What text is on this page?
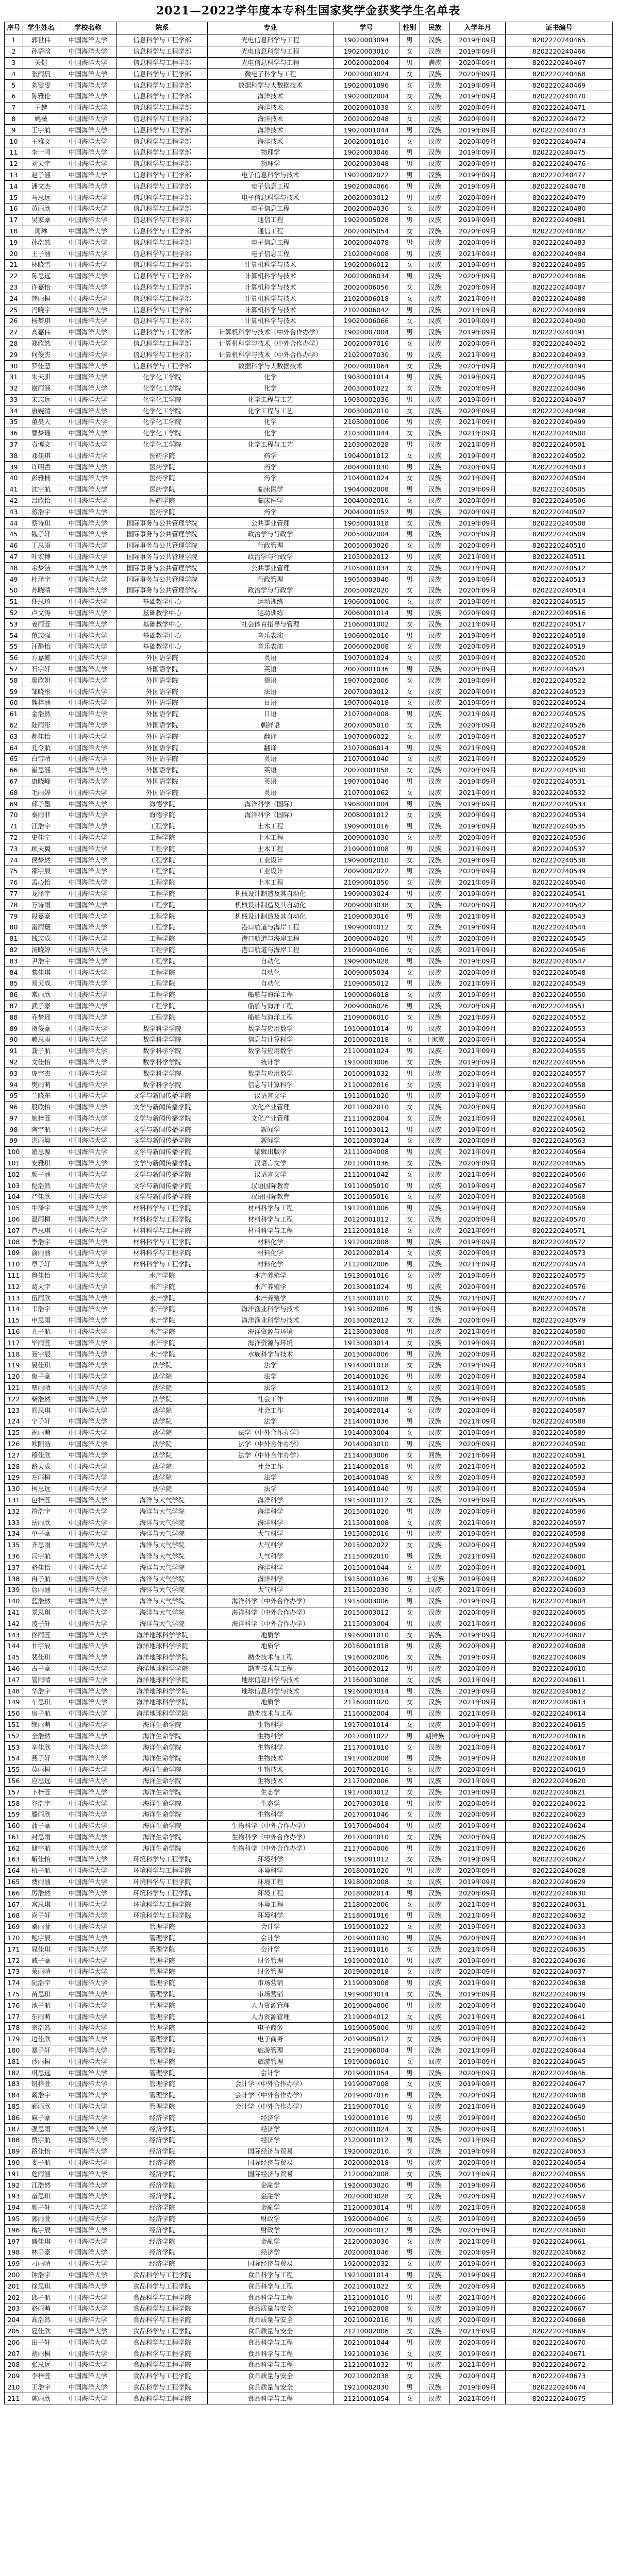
2021—2022学年度本专科生国家奖学金获奖学生名单表
序号	学生姓名	学校名称	院系	专业	学号	性别	民族	入学年月	证书编号
1	郭世伟	中国海洋大学	信息科学与工程学部	光电信息科学与工程	19020003094	男	汉族	2019年09月	8202220240465
2	孙语晗	中国海洋大学	信息科学与工程学部	光电信息科学与工程	19020003010	女	汉族	2019年09月	8202220240466
3	关恺	中国海洋大学	信息科学与工程学部	光电信息科学与工程	20020002004	男	满族	2020年09月	8202220240467
4	张雨晨	中国海洋大学	信息科学与工程学部	微电子科学与工程	20020003024	女	汉族	2020年09月	8202220240468
5	刘雯雯	中国海洋大学	信息科学与工程学部	数据科学与大数据技术	19020001096	女	汉族	2019年09月	8202220240469
6	陈雅伦	中国海洋大学	信息科学与工程学部	海洋技术	19020002004	女	汉族	2019年09月	8202220240470
7	王越	中国海洋大学	信息科学与工程学部	海洋技术	20020001038	女	汉族	2020年09月	8202220240471
8	姚薇	中国海洋大学	信息科学与工程学部	海洋技术	20020002048	女	汉族	2020年09月	8202220240472
9	王宇航	中国海洋大学	信息科学与工程学部	海洋技术	19020001044	男	汉族	2019年09月	8202220240473
10	王雅文	中国海洋大学	信息科学与工程学部	海洋技术	20020001010	女	汉族	2020年09月	8202220240474
11	李一鸣	中国海洋大学	信息科学与工程学部	物理学	19020003046	男	汉族	2019年09月	8202220240475
12	刘天宇	中国海洋大学	信息科学与工程学部	物理学	20020003048	男	汉族	2020年09月	8202220240476
13	赵子涵	中国海洋大学	信息科学与工程学部	电子信息科学与技术	19020002022	男	汉族	2019年09月	8202220240477
14	潘文杰	中国海洋大学	信息科学与工程学部	电子信息工程	19020004066	男	汉族	2019年09月	8202220240478
15	马思远	中国海洋大学	信息科学与工程学部	电子信息科学与技术	20020003012	男	汉族	2020年09月	8202220240479
16	黄雨欣	中国海洋大学	信息科学与工程学部	电子信息工程	20020004036	女	汉族	2020年09月	8202220240480
17	吴家豪	中国海洋大学	信息科学与工程学部	通信工程	19020005028	男	汉族	2019年09月	8202220240481
18	周琳	中国海洋大学	信息科学与工程学部	通信工程	20020005054	女	汉族	2020年09月	8202220240482
19	孙浩然	中国海洋大学	信息科学与工程学部	电子信息工程	20020004078	男	汉族	2020年09月	8202220240483
20	王子涵	中国海洋大学	信息科学与工程学部	电子信息工程	21020004008	男	汉族	2021年09月	8202220240484
21	林晓雪	中国海洋大学	信息科学与工程学部	计算机科学与技术	19020006012	女	汉族	2019年09月	8202220240485
22	陈思远	中国海洋大学	信息科学与工程学部	计算机科学与技术	20020006034	男	汉族	2020年09月	8202220240486
23	许嘉怡	中国海洋大学	信息科学与工程学部	计算机科学与技术	20020006056	女	汉族	2020年09月	8202220240487
24	韩雨桐	中国海洋大学	信息科学与工程学部	计算机科学与技术	21020006018	女	汉族	2021年09月	8202220240488
25	冯晓宇	中国海洋大学	信息科学与工程学部	计算机科学与技术	21020006042	男	汉族	2021年09月	8202220240489
26	杨梦琪	中国海洋大学	信息科学与工程学部	计算机科学与技术	19020006066	女	汉族	2019年09月	8202220240490
27	高嘉伟	中国海洋大学	信息科学与工程学部	计算机科学与技术（中外合作办学）	19020007004	男	汉族	2019年09月	8202220240491
28	郑欣然	中国海洋大学	信息科学与工程学部	计算机科学与技术（中外合作办学）	20020007016	女	汉族	2020年09月	8202220240492
29	何俊杰	中国海洋大学	信息科学与工程学部	计算机科学与技术（中外合作办学）	21020007030	男	汉族	2021年09月	8202220240493
30	罗佳慧	中国海洋大学	信息科学与工程学部	数据科学与大数据技术	20020001064	女	汉族	2020年09月	8202220240494
31	朱天骐	中国海洋大学	化学化工学院	化学	19030001014	男	汉族	2019年09月	8202220240495
32	谢雨涵	中国海洋大学	化学化工学院	化学	20030001022	女	汉族	2020年09月	8202220240496
33	宋志远	中国海洋大学	化学化工学院	化学工程与工艺	19030002036	男	汉族	2019年09月	8202220240497
34	唐婉清	中国海洋大学	化学化工学院	化学工程与工艺	20030002010	女	汉族	2020年09月	8202220240498
35	董昊天	中国海洋大学	化学化工学院	化学	21030001006	男	汉族	2021年09月	8202220240499
36	曹梦瑶	中国海洋大学	化学化工学院	化学	21030001044	女	汉族	2021年09月	8202220240500
37	袁博文	中国海洋大学	化学化工学院	化学工程与工艺	21030002028	男	汉族	2021年09月	8202220240501
38	邓佳琪	中国海洋大学	医药学院	药学	19040001012	女	汉族	2019年09月	8202220240502
39	许明哲	中国海洋大学	医药学院	药学	20040001030	男	汉族	2020年09月	8202220240503
40	彭雅楠	中国海洋大学	医药学院	药学	21040001024	女	汉族	2021年09月	8202220240504
41	沈宇航	中国海洋大学	医药学院	临床医学	19040002008	男	汉族	2019年09月	8202220240505
42	吕欣怡	中国海洋大学	医药学院	临床医学	20040002016	女	汉族	2020年09月	8202220240506
43	蒋浩宇	中国海洋大学	医药学院	药学	20040001052	男	汉族	2020年09月	8202220240507
44	蔡诗琪	中国海洋大学	国际事务与公共管理学院	公共事业管理	19050001018	女	汉族	2019年09月	8202220240508
45	魏子轩	中国海洋大学	国际事务与公共管理学院	政治学与行政学	20050002004	男	汉族	2020年09月	8202220240509
46	丁思雨	中国海洋大学	国际事务与公共管理学院	行政管理	20050003026	女	汉族	2020年09月	8202220240510
47	叶宏博	中国海洋大学	国际事务与公共管理学院	政治学与行政学	21050002012	男	汉族	2021年09月	8202220240511
48	余梦洁	中国海洋大学	国际事务与公共管理学院	公共事业管理	21050001034	女	汉族	2021年09月	8202220240512
49	杜泽宇	中国海洋大学	国际事务与公共管理学院	行政管理	19050003040	男	汉族	2019年09月	8202220240513
50	苏晓晴	中国海洋大学	国际事务与公共管理学院	政治学与行政学	20050002020	女	汉族	2020年09月	8202220240514
51	任思琦	中国海洋大学	基础教学中心	运动训练	19060001006	女	汉族	2019年09月	8202220240515
52	卢文涛	中国海洋大学	基础教学中心	运动训练	20060001014	男	汉族	2020年09月	8202220240516
53	姜雨萱	中国海洋大学	基础教学中心	社会体育指导与管理	21060001002	女	汉族	2021年09月	8202220240517
54	范志强	中国海洋大学	基础教学中心	音乐表演	19060002010	男	汉族	2019年09月	8202220240518
55	汪静怡	中国海洋大学	基础教学中心	音乐表演	20060002008	女	汉族	2020年09月	8202220240519
56	方嘉懿	中国海洋大学	外国语学院	英语	19070001024	女	汉族	2019年09月	8202220240520
57	石宇轩	中国海洋大学	外国语学院	英语	20070001036	男	汉族	2020年09月	8202220240521
58	廖欣妍	中国海洋大学	外国语学院	德语	19070002006	女	汉族	2019年09月	8202220240522
59	邹晓彤	中国海洋大学	外国语学院	法语	20070003012	女	汉族	2020年09月	8202220240523
60	熊梓涵	中国海洋大学	外国语学院	日语	19070004018	女	汉族	2019年09月	8202220240524
61	金浩然	中国海洋大学	外国语学院	日语	21070004008	男	汉族	2021年09月	8202220240525
62	陆雨彤	中国海洋大学	外国语学院	朝鲜语	20070005010	女	汉族	2020年09月	8202220240526
63	郝佳怡	中国海洋大学	外国语学院	翻译	19070006022	女	汉族	2019年09月	8202220240527
64	孔令航	中国海洋大学	外国语学院	翻译	21070006014	男	汉族	2021年09月	8202220240528
65	白雪晴	中国海洋大学	外国语学院	英语	21070001040	女	汉族	2021年09月	8202220240529
66	崔思涵	中国海洋大学	外国语学院	英语	20070001058	女	汉族	2020年09月	8202220240530
67	康晓峰	中国海洋大学	外国语学院	英语	19070001046	男	汉族	2019年09月	8202220240531
68	毛雨婷	中国海洋大学	外国语学院	英语	21070001062	女	汉族	2021年09月	8202220240532
69	邱子墨	中国海洋大学	海德学院	海洋科学（国际）	19080001004	男	汉族	2019年09月	8202220240533
70	秦雨菲	中国海洋大学	海德学院	海洋科学（国际）	20080001012	女	汉族	2020年09月	8202220240534
71	江浩宇	中国海洋大学	工程学院	土木工程	19090001016	男	汉族	2019年09月	8202220240535
72	史佳宁	中国海洋大学	工程学院	土木工程	20090001030	女	汉族	2020年09月	8202220240536
73	顾天翼	中国海洋大学	工程学院	土木工程	21090001008	男	汉族	2021年09月	8202220240537
74	侯梦然	中国海洋大学	工程学院	工业设计	19090002010	女	汉族	2019年09月	8202220240538
75	邵宇辰	中国海洋大学	工程学院	工业设计	20090002022	男	汉族	2020年09月	8202220240539
76	孟心怡	中国海洋大学	工程学院	土木工程	21090001050	女	汉族	2021年09月	8202220240540
77	龙泽宇	中国海洋大学	工程学院	机械设计制造及其自动化	19090003024	男	汉族	2019年09月	8202220240541
78	万诗雨	中国海洋大学	工程学院	机械设计制造及其自动化	20090003038	女	汉族	2020年09月	8202220240542
79	段嘉豪	中国海洋大学	工程学院	机械设计制造及其自动化	21090003016	男	汉族	2021年09月	8202220240543
80	雷雨薇	中国海洋大学	工程学院	港口航道与海岸工程	19090004012	女	汉族	2019年09月	8202220240544
81	钱志成	中国海洋大学	工程学院	港口航道与海岸工程	20090004020	男	汉族	2020年09月	8202220240545
82	汤晓婷	中国海洋大学	工程学院	港口航道与海岸工程	21090004006	女	汉族	2021年09月	8202220240546
83	尹浩宇	中国海洋大学	工程学院	自动化	19090005028	男	汉族	2019年09月	8202220240547
84	黎佳琪	中国海洋大学	工程学院	自动化	20090005034	女	汉族	2020年09月	8202220240548
85	易天成	中国海洋大学	工程学院	自动化	21090005012	男	汉族	2021年09月	8202220240549
86	常雨欣	中国海洋大学	工程学院	船舶与海洋工程	19090006018	女	汉族	2019年09月	8202220240550
87	武子豪	中国海洋大学	工程学院	船舶与海洋工程	20090006026	男	汉族	2020年09月	8202220240551
88	乔梦瑶	中国海洋大学	工程学院	船舶与海洋工程	21090006010	女	汉族	2021年09月	8202220240552
89	贺俊豪	中国海洋大学	数学科学学院	数学与应用数学	19100001014	男	汉族	2019年09月	8202220240553
90	赖思雨	中国海洋大学	数学科学学院	信息与计算科学	20100002018	女	土家族	2020年09月	8202220240554
91	龚子航	中国海洋大学	数学科学学院	数学与应用数学	21100001024	男	汉族	2021年09月	8202220240555
92	文佳怡	中国海洋大学	数学科学学院	统计学	19100003006	女	汉族	2019年09月	8202220240556
93	庞宇杰	中国海洋大学	数学科学学院	数学与应用数学	20100001032	男	汉族	2020年09月	8202220240557
94	樊雨萌	中国海洋大学	数学科学学院	信息与计算科学	21100002016	女	汉族	2021年09月	8202220240558
95	兰晓东	中国海洋大学	文学与新闻传播学院	汉语言文学	19110001020	男	汉族	2019年09月	8202220240559
96	殷欣怡	中国海洋大学	文学与新闻传播学院	文化产业管理	20110002010	女	汉族	2020年09月	8202220240560
97	施梓萱	中国海洋大学	文学与新闻传播学院	文化产业管理	21110002004	女	汉族	2021年09月	8202220240561
98	陶宇航	中国海洋大学	文学与新闻传播学院	新闻学	19110003012	男	汉族	2019年09月	8202220240562
99	洪雨晨	中国海洋大学	文学与新闻传播学院	新闻学	20110003024	女	汉族	2020年09月	8202220240563
100	翟思源	中国海洋大学	文学与新闻传播学院	编辑出版学	21110004008	男	汉族	2021年09月	8202220240564
101	安雅琪	中国海洋大学	文学与新闻传播学院	汉语言文学	20110001036	女	汉族	2020年09月	8202220240565
102	颜子涵	中国海洋大学	文学与新闻传播学院	汉语言文学	21110001042	女	汉族	2021年09月	8202220240566
103	倪浩然	中国海洋大学	文学与新闻传播学院	汉语国际教育	19110005010	男	汉族	2019年09月	8202220240567
104	严佳欣	中国海洋大学	文学与新闻传播学院	汉语国际教育	20110005016	女	汉族	2020年09月	8202220240568
105	牛泽宇	中国海洋大学	材料科学与工程学院	材料科学与工程	19120001006	男	汉族	2019年09月	8202220240569
106	温雨桐	中国海洋大学	材料科学与工程学院	材料科学与工程	20120001012	女	汉族	2020年09月	8202220240570
107	芦思琪	中国海洋大学	材料科学与工程学院	材料科学与工程	21120001018	女	汉族	2021年09月	8202220240571
108	季浩宇	中国海洋大学	材料科学与工程学院	材料化学	19120002008	男	汉族	2019年09月	8202220240572
109	俞雨涵	中国海洋大学	材料科学与工程学院	材料化学	20120002014	女	汉族	2020年09月	8202220240573
110	章子轩	中国海洋大学	材料科学与工程学院	材料化学	21120002006	男	汉族	2021年09月	8202220240574
111	鲁佳怡	中国海洋大学	水产学院	水产养殖学	19130001016	女	汉族	2019年09月	8202220240575
112	葛天宇	中国海洋大学	水产学院	水产养殖学	20130001024	男	汉族	2020年09月	8202220240576
113	伍雨欣	中国海洋大学	水产学院	水产养殖学	21130001010	女	汉族	2021年09月	8202220240577
114	韦浩宇	中国海洋大学	水产学院	海洋渔业科学与技术	19130002006	男	壮族	2019年09月	8202220240578
115	申思雨	中国海洋大学	水产学院	海洋渔业科学与技术	20130002012	女	汉族	2020年09月	8202220240579
116	尤子航	中国海洋大学	水产学院	海洋资源与环境	21130003008	男	汉族	2021年09月	8202220240580
117	毕雨萱	中国海洋大学	水产学院	海洋资源与环境	19130003014	女	汉族	2019年09月	8202220240581
118	聂宇辰	中国海洋大学	水产学院	水族科学与技术	20130004006	男	汉族	2020年09月	8202220240582
119	晏佳琪	中国海洋大学	法学院	法学	19140001018	女	汉族	2019年09月	8202220240583
120	焦子豪	中国海洋大学	法学院	法学	20140001026	男	汉族	2020年09月	8202220240584
121	覃雨晴	中国海洋大学	法学院	法学	21140001012	女	汉族	2021年09月	8202220240585
122	柴浩然	中国海洋大学	法学院	社会工作	19140002008	男	汉族	2019年09月	8202220240586
123	阎思琪	中国海洋大学	法学院	社会工作	20140002014	女	汉族	2020年09月	8202220240587
124	宁子轩	中国海洋大学	法学院	法学	21140001036	男	汉族	2021年09月	8202220240588
125	祝雨萌	中国海洋大学	法学院	法学（中外合作办学）	19140003004	女	汉族	2019年09月	8202220240589
126	欧阳浩	中国海洋大学	法学院	法学（中外合作办学）	20140003010	男	汉族	2020年09月	8202220240590
127	穆佳欣	中国海洋大学	法学院	法学（中外合作办学）	21140003006	女	回族	2021年09月	8202220240591
128	路天成	中国海洋大学	法学院	社会工作	21140002018	男	汉族	2021年09月	8202220240592
129	左雨桐	中国海洋大学	法学院	法学	20140001048	女	汉族	2020年09月	8202220240593
130	柯思远	中国海洋大学	法学院	法学	19140001040	男	汉族	2019年09月	8202220240594
131	包梓萱	中国海洋大学	海洋与大气学院	海洋科学	19150001012	女	汉族	2019年09月	8202220240595
132	符浩宇	中国海洋大学	海洋与大气学院	海洋科学	20150001020	男	汉族	2020年09月	8202220240596
133	岳雨欣	中国海洋大学	海洋与大气学院	海洋科学	21150001008	女	汉族	2021年09月	8202220240597
134	单子豪	中国海洋大学	海洋与大气学院	大气科学	19150002016	男	汉族	2019年09月	8202220240598
135	齐思雨	中国海洋大学	海洋与大气学院	大气科学	20150002022	女	汉族	2020年09月	8202220240599
136	闫宇航	中国海洋大学	海洋与大气学院	大气科学	21150002010	男	汉族	2021年09月	8202220240600
137	骆佳怡	中国海洋大学	海洋与大气学院	海洋科学	20150001044	女	汉族	2020年09月	8202220240601
138	冉子航	中国海洋大学	海洋与大气学院	海洋科学	19150001036	男	土家族	2019年09月	8202220240602
139	詹雨涵	中国海洋大学	海洋与大气学院	大气科学	21150002030	女	汉族	2021年09月	8202220240603
140	蓝浩然	中国海洋大学	海洋与大气学院	海洋科学（中外合作办学）	19150003006	男	汉族	2019年09月	8202220240604
141	景思琪	中国海洋大学	海洋与大气学院	海洋科学（中外合作办学）	20150003012	女	汉族	2020年09月	8202220240605
142	凌子轩	中国海洋大学	海洋与大气学院	海洋科学（中外合作办学）	21150003004	男	汉族	2021年09月	8202220240606
143	佟雨萱	中国海洋大学	海洋地球科学学院	地质学	19160001010	女	满族	2019年09月	8202220240607
144	甘宇辰	中国海洋大学	海洋地球科学学院	地质学	20160001018	男	汉族	2020年09月	8202220240608
145	裴佳琪	中国海洋大学	海洋地球科学学院	勘查技术与工程	19160002006	女	汉族	2019年09月	8202220240609
146	古子豪	中国海洋大学	海洋地球科学学院	勘查技术与工程	20160002012	男	汉族	2020年09月	8202220240610
147	管雨晴	中国海洋大学	海洋地球科学学院	地球信息科学与技术	21160003008	女	汉族	2021年09月	8202220240611
148	华浩宇	中国海洋大学	海洋地球科学学院	地球信息科学与技术	19160003014	男	汉族	2019年09月	8202220240612
149	车思琪	中国海洋大学	海洋地球科学学院	地质学	21160001020	女	汉族	2021年09月	8202220240613
150	房子航	中国海洋大学	海洋地球科学学院	勘查技术与工程	21160002004	男	汉族	2021年09月	8202220240614
151	缪雨萌	中国海洋大学	海洋生命学院	生物科学	19170001014	女	汉族	2019年09月	8202220240615
152	全浩然	中国海洋大学	海洋生命学院	生物科学	20170001022	男	朝鲜族	2020年09月	8202220240616
153	辛佳欣	中国海洋大学	海洋生命学院	生物科学	21170001010	女	汉族	2021年09月	8202220240617
154	燕子轩	中国海洋大学	海洋生命学院	生物技术	19170002008	男	汉族	2019年09月	8202220240618
155	莫雨桐	中国海洋大学	海洋生命学院	生物技术	20170002016	女	汉族	2020年09月	8202220240619
156	应思远	中国海洋大学	海洋生命学院	生物技术	21170002006	男	汉族	2021年09月	8202220240620
157	卜梓萱	中国海洋大学	海洋生命学院	生态学	19170003012	女	汉族	2019年09月	8202220240621
158	谷浩宇	中国海洋大学	海洋生命学院	生态学	20170003018	男	汉族	2020年09月	8202220240622
159	滕雨欣	中国海洋大学	海洋生命学院	生物科学	20170001046	女	汉族	2020年09月	8202220240623
160	蒲子豪	中国海洋大学	海洋生命学院	生物科学（中外合作办学）	19170004004	男	汉族	2019年09月	8202220240624
161	封思雨	中国海洋大学	海洋生命学院	生物科学（中外合作办学）	20170004010	女	汉族	2020年09月	8202220240625
162	储宇航	中国海洋大学	海洋生命学院	生物科学（中外合作办学）	21170004006	男	汉族	2021年09月	8202220240626
163	靳佳怡	中国海洋大学	环境科学与工程学院	环境科学	19180001012	女	汉族	2019年09月	8202220240627
164	杭子航	中国海洋大学	环境科学与工程学院	环境科学	20180001020	男	汉族	2020年09月	8202220240628
165	费雨涵	中国海洋大学	环境科学与工程学院	环境工程	19180002008	女	汉族	2019年09月	8202220240629
166	厉浩然	中国海洋大学	环境科学与工程学院	环境工程	20180002014	男	汉族	2020年09月	8202220240630
167	宫思琪	中国海洋大学	环境科学与工程学院	环境工程	21180002006	女	汉族	2021年09月	8202220240631
168	尚子轩	中国海洋大学	环境科学与工程学院	环境科学	21180001016	男	汉族	2021年09月	8202220240632
169	桑雨萱	中国海洋大学	管理学院	会计学	19190001022	女	汉族	2019年09月	8202220240633
170	鲍宇辰	中国海洋大学	管理学院	会计学	20190001030	男	汉族	2020年09月	8202220240634
171	晁佳琪	中国海洋大学	管理学院	会计学	21190001016	女	汉族	2021年09月	8202220240635
172	戚子豪	中国海洋大学	管理学院	财务管理	19190002010	男	汉族	2019年09月	8202220240636
173	荣雨晴	中国海洋大学	管理学院	财务管理	20190002018	女	汉族	2020年09月	8202220240637
174	阮浩宇	中国海洋大学	管理学院	市场营销	21190003008	男	汉族	2021年09月	8202220240638
175	苗思琪	中国海洋大学	管理学院	市场营销	19190003014	女	汉族	2019年09月	8202220240639
176	池子航	中国海洋大学	管理学院	人力资源管理	20190004006	男	汉族	2020年09月	8202220240640
177	东雨萌	中国海洋大学	管理学院	人力资源管理	21190004012	女	汉族	2021年09月	8202220240641
178	宗浩然	中国海洋大学	管理学院	电子商务	19190005006	男	汉族	2019年09月	8202220240642
179	边佳欣	中国海洋大学	管理学院	电子商务	20190005012	女	汉族	2020年09月	8202220240643
180	暴子轩	中国海洋大学	管理学院	旅游管理	21190006004	男	汉族	2021年09月	8202220240644
181	沙雨桐	中国海洋大学	管理学院	旅游管理	19190006010	女	回族	2019年09月	8202220240645
182	巩思远	中国海洋大学	管理学院	会计学	20190001054	男	汉族	2020年09月	8202220240646
183	钮梓萱	中国海洋大学	管理学院	会计学（中外合作办学）	19190007008	女	汉族	2019年09月	8202220240647
184	阚浩宇	中国海洋大学	管理学院	会计学（中外合作办学）	20190007016	男	汉族	2020年09月	8202220240648
185	郦雨欣	中国海洋大学	管理学院	会计学（中外合作办学）	21190007010	女	汉族	2021年09月	8202220240649
186	麻子豪	中国海洋大学	经济学院	经济学	19200001016	男	汉族	2019年09月	8202220240650
187	强思雨	中国海洋大学	经济学院	经济学	20200001024	女	汉族	2020年09月	8202220240651
188	贾宇航	中国海洋大学	经济学院	经济学	21200001012	男	汉族	2021年09月	8202220240652
189	路佳怡	中国海洋大学	经济学院	国际经济与贸易	19200002010	女	汉族	2019年09月	8202220240653
190	娄子航	中国海洋大学	经济学院	国际经济与贸易	20200002018	男	汉族	2020年09月	8202220240654
191	危雨涵	中国海洋大学	经济学院	国际经济与贸易	21200002008	女	汉族	2021年09月	8202220240655
192	江浩然	中国海洋大学	经济学院	金融学	19200003020	男	汉族	2019年09月	8202220240656
193	童思琪	中国海洋大学	经济学院	金融学	20200003028	女	汉族	2020年09月	8202220240657
194	颜子轩	中国海洋大学	经济学院	金融学	21200003014	男	汉族	2021年09月	8202220240658
195	郭雨萱	中国海洋大学	经济学院	财政学	19200004006	女	汉族	2019年09月	8202220240659
196	梅宇辰	中国海洋大学	经济学院	财政学	20200004012	男	汉族	2020年09月	8202220240660
197	盛佳琪	中国海洋大学	经济学院	金融学	21200003036	女	汉族	2021年09月	8202220240661
198	林子豪	中国海洋大学	经济学院	经济学	20200001046	男	汉族	2020年09月	8202220240662
199	刁雨晴	中国海洋大学	经济学院	国际经济与贸易	19200002032	女	汉族	2019年09月	8202220240663
200	钟浩宇	中国海洋大学	食品科学与工程学院	食品科学与工程	19210001014	男	汉族	2019年09月	8202220240664
201	徐思琪	中国海洋大学	食品科学与工程学院	食品科学与工程	20210001022	女	汉族	2020年09月	8202220240665
202	邱子航	中国海洋大学	食品科学与工程学院	食品科学与工程	21210001010	男	汉族	2021年09月	8202220240666
203	骆雨萌	中国海洋大学	食品科学与工程学院	食品质量与安全	19210002008	女	汉族	2019年09月	8202220240667
204	高浩然	中国海洋大学	食品科学与工程学院	食品质量与安全	20210002016	男	汉族	2020年09月	8202220240668
205	夏佳欣	中国海洋大学	食品科学与工程学院	食品质量与安全	21210002006	女	汉族	2021年09月	8202220240669
206	田子轩	中国海洋大学	食品科学与工程学院	食品科学与工程	20210001044	男	汉族	2020年09月	8202220240670
207	胡雨桐	中国海洋大学	食品科学与工程学院	食品科学与工程	19210001036	女	汉族	2019年09月	8202220240671
208	张思远	中国海洋大学	食品科学与工程学院	食品科学与工程	21210001032	男	汉族	2021年09月	8202220240672
209	李梓萱	中国海洋大学	食品科学与工程学院	食品质量与安全	20210002038	女	汉族	2020年09月	8202220240673
210	王浩宇	中国海洋大学	食品科学与工程学院	食品质量与安全	19210002030	男	汉族	2019年09月	8202220240674
211	陈雨欣	中国海洋大学	食品科学与工程学院	食品科学与工程	21210001054	女	汉族	2021年09月	8202220240675
